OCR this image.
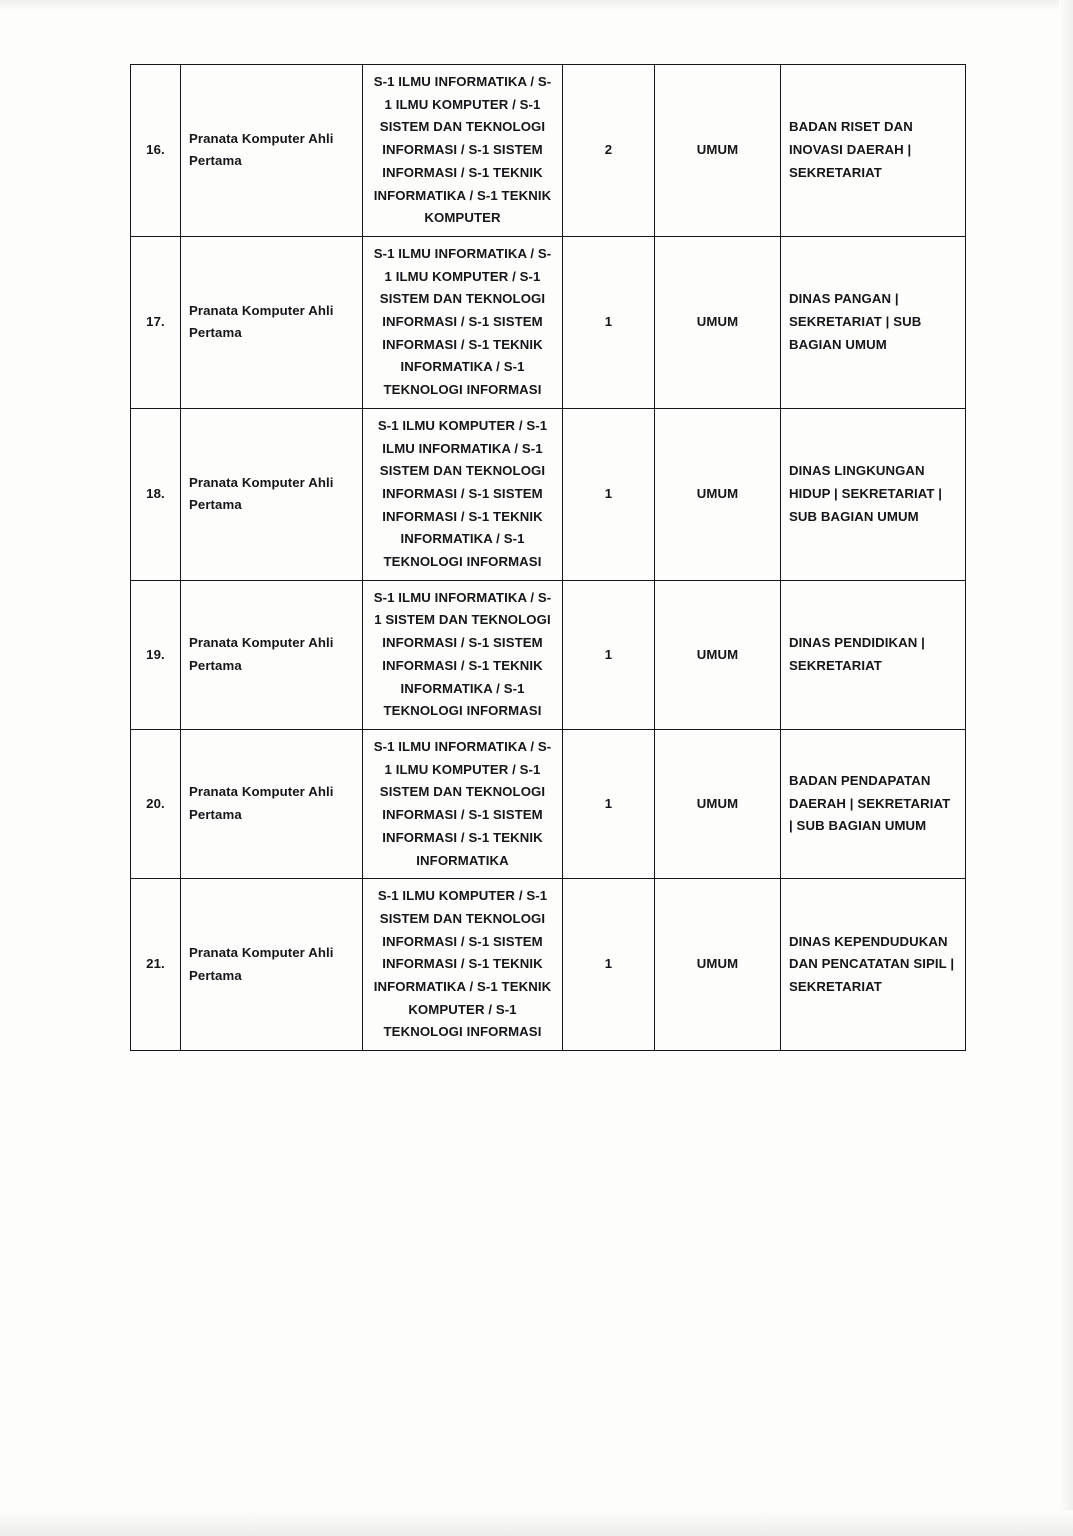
16.	Pranata Komputer Ahli Pertama	S-1 ILMU INFORMATIKA / S-1 ILMU KOMPUTER / S-1 SISTEM DAN TEKNOLOGI INFORMASI / S-1 SISTEM INFORMASI / S-1 TEKNIK INFORMATIKA / S-1 TEKNIK KOMPUTER	2	UMUM	BADAN RISET DAN INOVASI DAERAH | SEKRETARIAT
17.	Pranata Komputer Ahli Pertama	S-1 ILMU INFORMATIKA / S-1 ILMU KOMPUTER / S-1 SISTEM DAN TEKNOLOGI INFORMASI / S-1 SISTEM INFORMASI / S-1 TEKNIK INFORMATIKA / S-1 TEKNOLOGI INFORMASI	1	UMUM	DINAS PANGAN | SEKRETARIAT | SUB BAGIAN UMUM
18.	Pranata Komputer Ahli Pertama	S-1 ILMU KOMPUTER / S-1 ILMU INFORMATIKA / S-1 SISTEM DAN TEKNOLOGI INFORMASI / S-1 SISTEM INFORMASI / S-1 TEKNIK INFORMATIKA / S-1 TEKNOLOGI INFORMASI	1	UMUM	DINAS LINGKUNGAN HIDUP | SEKRETARIAT | SUB BAGIAN UMUM
19.	Pranata Komputer Ahli Pertama	S-1 ILMU INFORMATIKA / S-1 SISTEM DAN TEKNOLOGI INFORMASI / S-1 SISTEM INFORMASI / S-1 TEKNIK INFORMATIKA / S-1 TEKNOLOGI INFORMASI	1	UMUM	DINAS PENDIDIKAN | SEKRETARIAT
20.	Pranata Komputer Ahli Pertama	S-1 ILMU INFORMATIKA / S-1 ILMU KOMPUTER / S-1 SISTEM DAN TEKNOLOGI INFORMASI / S-1 SISTEM INFORMASI / S-1 TEKNIK INFORMATIKA	1	UMUM	BADAN PENDAPATAN DAERAH | SEKRETARIAT | SUB BAGIAN UMUM
21.	Pranata Komputer Ahli Pertama	S-1 ILMU KOMPUTER / S-1 SISTEM DAN TEKNOLOGI INFORMASI / S-1 SISTEM INFORMASI / S-1 TEKNIK INFORMATIKA / S-1 TEKNIK KOMPUTER / S-1 TEKNOLOGI INFORMASI	1	UMUM	DINAS KEPENDUDUKAN DAN PENCATATAN SIPIL | SEKRETARIAT
